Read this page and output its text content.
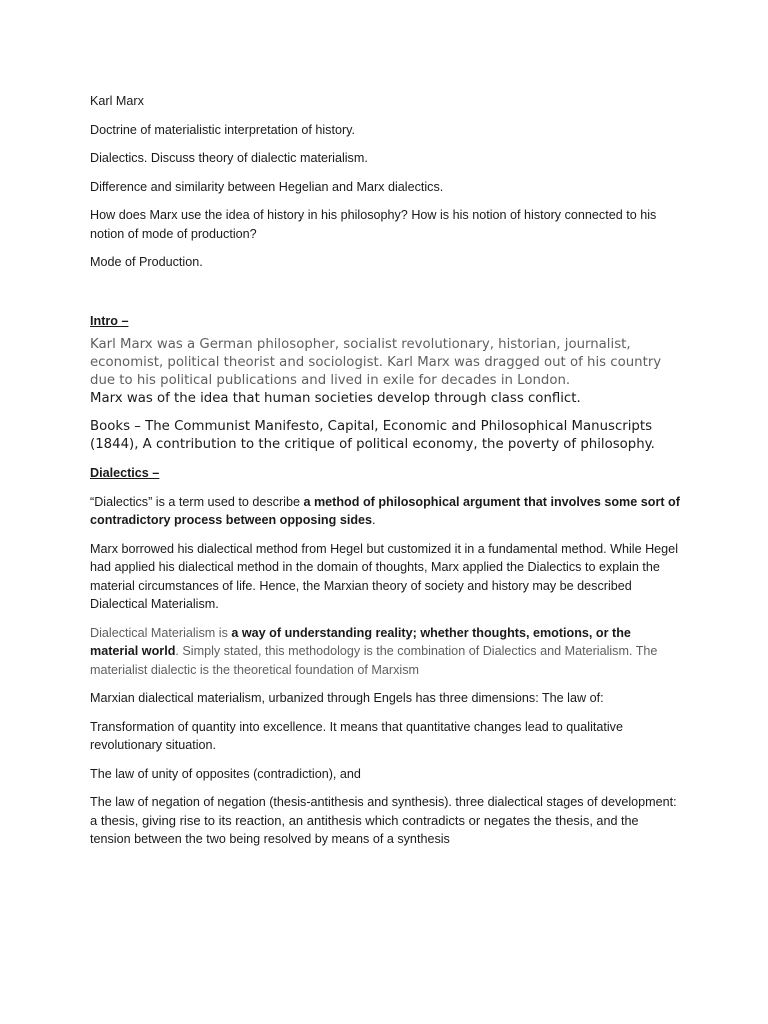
Karl Marx

Doctrine of materialistic interpretation of history.

Dialectics. Discuss theory of dialectic materialism.

Difference and similarity between Hegelian and Marx dialectics.

How does Marx use the idea of history in his philosophy? How is his notion of history connected to his notion of mode of production?

Mode of Production.

Intro –

Karl Marx was a German philosopher, socialist revolutionary, historian, journalist, economist, political theorist and sociologist. Karl Marx was dragged out of his country due to his political publications and lived in exile for decades in London.

Marx was of the idea that human societies develop through class conflict.

Books – The Communist Manifesto, Capital, Economic and Philosophical Manuscripts (1844), A contribution to the critique of political economy, the poverty of philosophy.

Dialectics –

“Dialectics” is a term used to describe a method of philosophical argument that involves some sort of contradictory process between opposing sides.

Marx borrowed his dialectical method from Hegel but customized it in a fundamental method. While Hegel had applied his dialectical method in the domain of thoughts, Marx applied the Dialectics to explain the material circumstances of life. Hence, the Marxian theory of society and history may be described Dialectical Materialism.

Dialectical Materialism is a way of understanding reality; whether thoughts, emotions, or the material world. Simply stated, this methodology is the combination of Dialectics and Materialism. The materialist dialectic is the theoretical foundation of Marxism

Marxian dialectical materialism, urbanized through Engels has three dimensions: The law of:

Transformation of quantity into excellence. It means that quantitative changes lead to qualitative revolutionary situation.

The law of unity of opposites (contradiction), and

The law of negation of negation (thesis-antithesis and synthesis). three dialectical stages of development: a thesis, giving rise to its reaction, an antithesis which contradicts or negates the thesis, and the tension between the two being resolved by means of a synthesis
